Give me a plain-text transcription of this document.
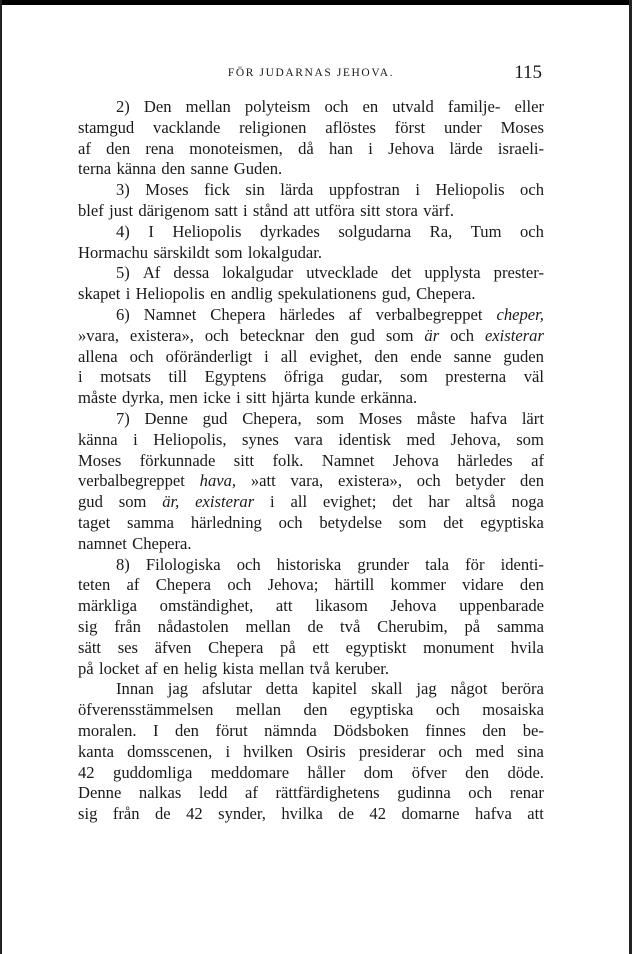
FÖR JUDARNAS JEHOVA.	115
2) Den mellan polyteism och en utvald familje- eller
stamgud vacklande religionen aflöstes först under Moses
af den rena monoteismen, då han i Jehova lärde israeli-
terna känna den sanne Guden.
3) Moses fick sin lärda uppfostran i Heliopolis och
blef just därigenom satt i stånd att utföra sitt stora värf.
4) I Heliopolis dyrkades solgudarna Ra, Tum och
Hormachu särskildt som lokalgudar.
5) Af dessa lokalgudar utvecklade det upplysta prester-
skapet i Heliopolis en andlig spekulationens gud, Chepera.
6) Namnet Chepera härledes af verbalbegreppet cheper,
»vara, existera», och betecknar den gud som är och existerar
allena och oföränderligt i all evighet, den ende sanne guden
i motsats till Egyptens öfriga gudar, som presterna väl
måste dyrka, men icke i sitt hjärta kunde erkänna.
7) Denne gud Chepera, som Moses måste hafva lärt
känna i Heliopolis, synes vara identisk med Jehova, som
Moses förkunnade sitt folk. Namnet Jehova härledes af
verbalbegreppet hava, »att vara, existera», och betyder den
gud som är, existerar i all evighet; det har altså noga
taget samma härledning och betydelse som det egyptiska
namnet Chepera.
8) Filologiska och historiska grunder tala för identi-
teten af Chepera och Jehova; härtill kommer vidare den
märkliga omständighet, att likasom Jehova uppenbarade
sig från nådastolen mellan de två Cherubim, på samma
sätt ses äfven Chepera på ett egyptiskt monument hvila
på locket af en helig kista mellan två keruber.
Innan jag afslutar detta kapitel skall jag något beröra
öfverensstämmelsen mellan den egyptiska och mosaiska
moralen. I den förut nämnda Dödsboken finnes den be-
kanta domsscenen, i hvilken Osiris presiderar och med sina
42 guddomliga meddomare håller dom öfver den döde.
Denne nalkas ledd af rättfärdighetens gudinna och renar
sig från de 42 synder, hvilka de 42 domarne hafva att
